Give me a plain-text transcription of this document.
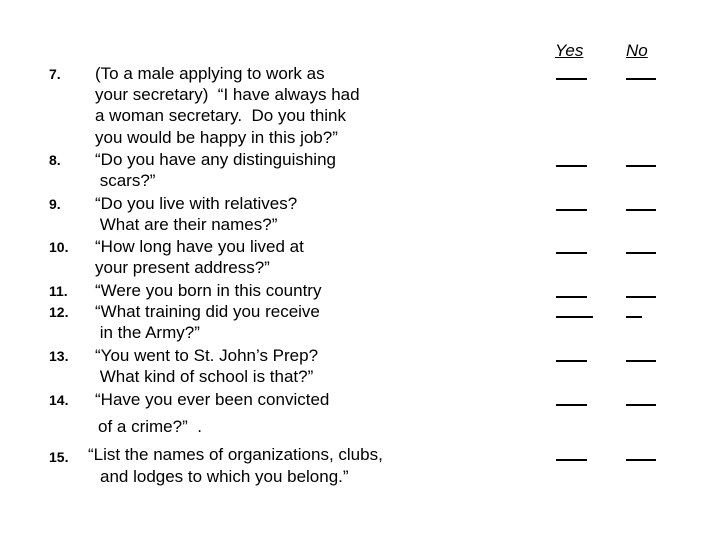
Yes	No
7. (To a male applying to work as
your secretary)  “I have always had
a woman secretary.  Do you think
you would be happy in this job?”
8. “Do you have any distinguishing
scars?”
9. “Do you live with relatives?
What are their names?”
10. “How long have you lived at
your present address?”
11. “Were you born in this country
12. “What training did you receive
in the Army?”
13. “You went to St. John’s Prep?
What kind of school is that?”
14. “Have you ever been convicted
of a crime?”  .
15. “List the names of organizations, clubs,
and lodges to which you belong.”
